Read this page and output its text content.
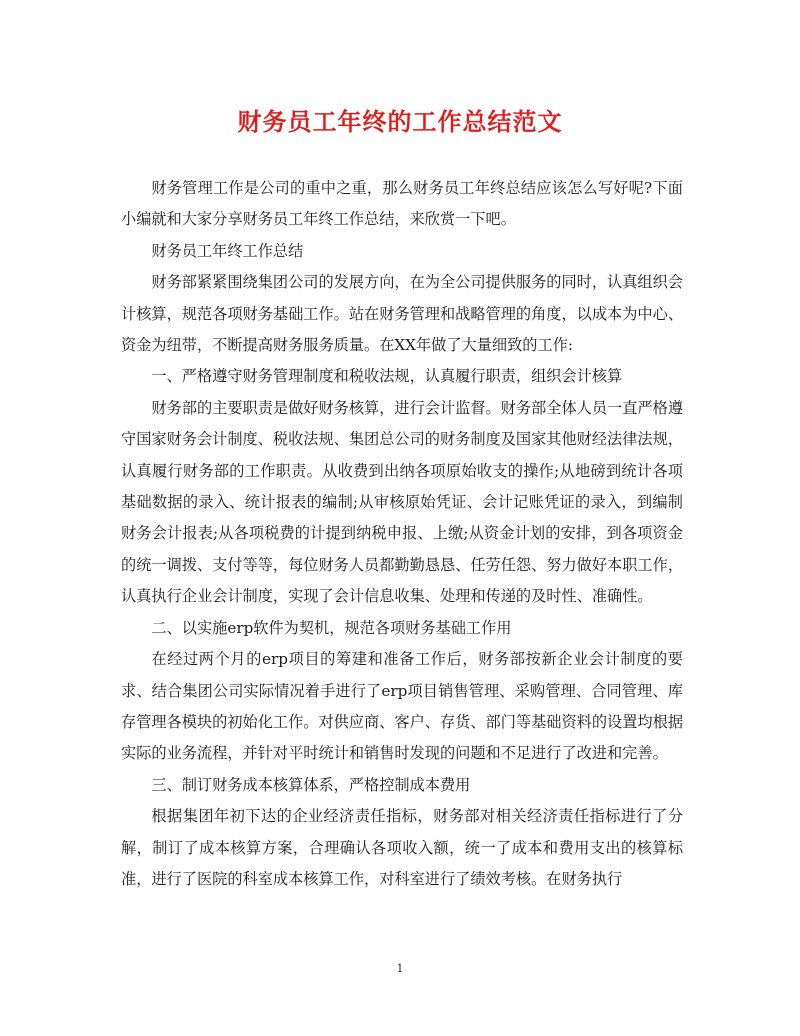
财务员工年终的工作总结范文

财务管理工作是公司的重中之重，那么财务员工年终总结应该怎么写好呢?下面小编就和大家分享财务员工年终工作总结，来欣赏一下吧。

财务员工年终工作总结

财务部紧紧围绕集团公司的发展方向，在为全公司提供服务的同时，认真组织会计核算，规范各项财务基础工作。站在财务管理和战略管理的角度，以成本为中心、资金为纽带，不断提高财务服务质量。在XX年做了大量细致的工作:

一、严格遵守财务管理制度和税收法规，认真履行职责，组织会计核算

财务部的主要职责是做好财务核算，进行会计监督。财务部全体人员一直严格遵守国家财务会计制度、税收法规、集团总公司的财务制度及国家其他财经法律法规，认真履行财务部的工作职责。从收费到出纳各项原始收支的操作;从地磅到统计各项基础数据的录入、统计报表的编制;从审核原始凭证、会计记账凭证的录入，到编制财务会计报表;从各项税费的计提到纳税申报、上缴;从资金计划的安排，到各项资金的统一调拨、支付等等，每位财务人员都勤勤恳恳、任劳任怨、努力做好本职工作，认真执行企业会计制度，实现了会计信息收集、处理和传递的及时性、准确性。

二、以实施erp软件为契机，规范各项财务基础工作用

在经过两个月的erp项目的筹建和准备工作后，财务部按新企业会计制度的要求、结合集团公司实际情况着手进行了erp项目销售管理、采购管理、合同管理、库存管理各模块的初始化工作。对供应商、客户、存货、部门等基础资料的设置均根据实际的业务流程，并针对平时统计和销售时发现的问题和不足进行了改进和完善。

三、制订财务成本核算体系，严格控制成本费用

根据集团年初下达的企业经济责任指标，财务部对相关经济责任指标进行了分解，制订了成本核算方案，合理确认各项收入额，统一了成本和费用支出的核算标准，进行了医院的科室成本核算工作，对科室进行了绩效考核。在财务执行

1
